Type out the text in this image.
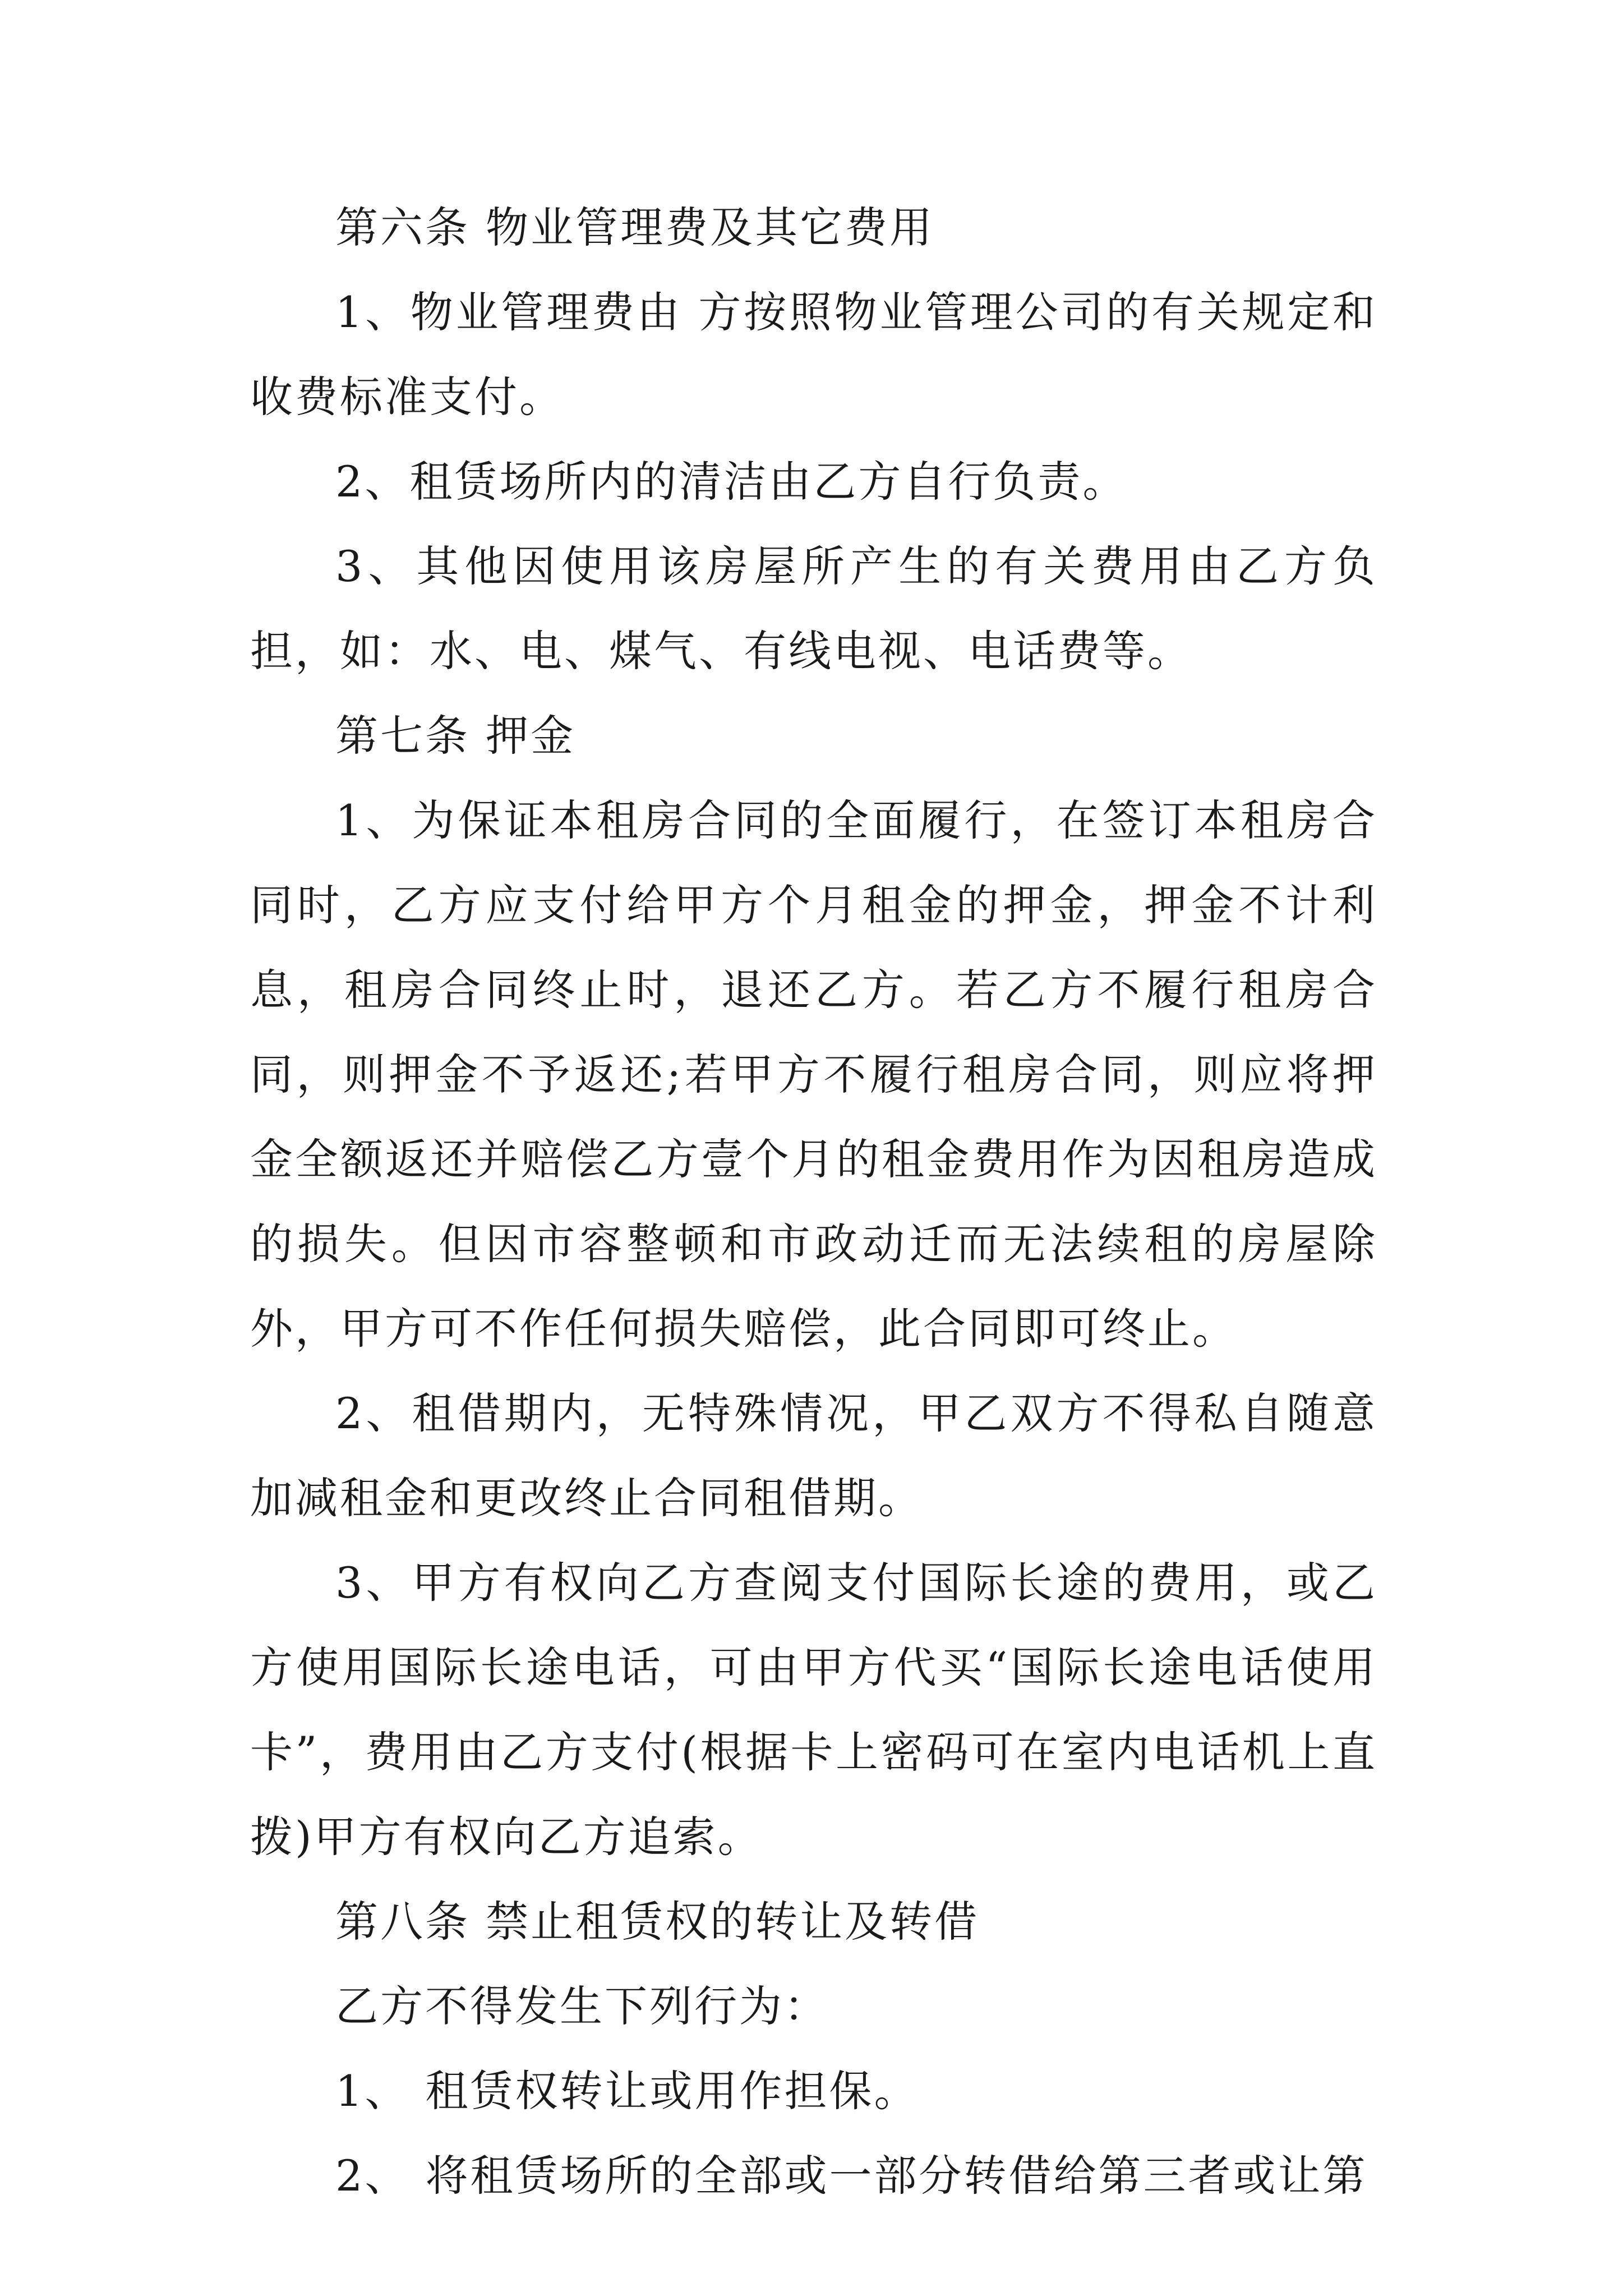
第六条 物业管理费及其它费用

1、物业管理费由 方按照物业管理公司的有关规定和收费标准支付。

2、租赁场所内的清洁由乙方自行负责。

3、其他因使用该房屋所产生的有关费用由乙方负担，如：水、电、煤气、有线电视、电话费等。

第七条 押金

1、为保证本租房合同的全面履行，在签订本租房合同时，乙方应支付给甲方个月租金的押金，押金不计利息，租房合同终止时，退还乙方。若乙方不履行租房合同，则押金不予返还;若甲方不履行租房合同，则应将押金全额返还并赔偿乙方壹个月的租金费用作为因租房造成的损失。但因市容整顿和市政动迁而无法续租的房屋除外，甲方可不作任何损失赔偿，此合同即可终止。

2、租借期内，无特殊情况，甲乙双方不得私自随意加减租金和更改终止合同租借期。

3、甲方有权向乙方查阅支付国际长途的费用，或乙方使用国际长途电话，可由甲方代买“国际长途电话使用卡”，费用由乙方支付(根据卡上密码可在室内电话机上直拨)甲方有权向乙方追索。

第八条 禁止租赁权的转让及转借

乙方不得发生下列行为：

1、 租赁权转让或用作担保。

2、 将租赁场所的全部或一部分转借给第三者或让第
